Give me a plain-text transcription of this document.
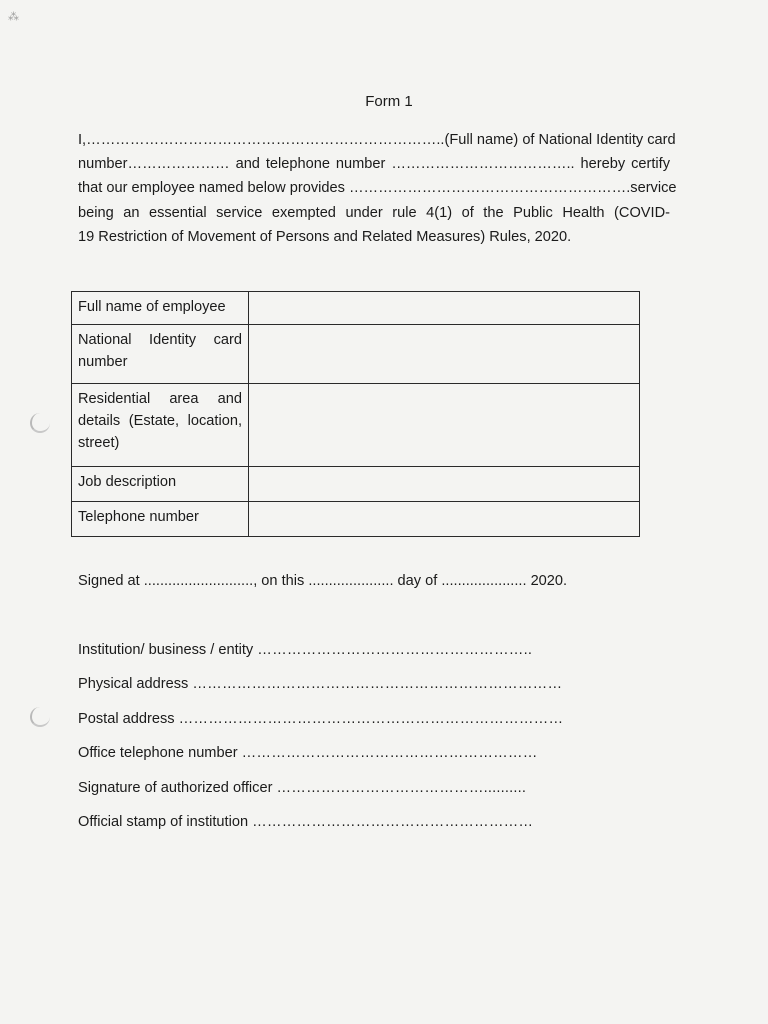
⁂
Form 1
I,………………………………………………………………..(Full name) of National Identity card
number………………… and telephone number ……………………………….. hereby certify
that our employee named below provides ………………………………………………….service
being an essential service exempted under rule 4(1) of the Public Health (COVID-
19 Restriction of Movement of Persons and Related Measures) Rules, 2020.
Full name of employee	
National Identity card number	
Residential area and details (Estate, location, street)	
Job description	
Telephone number	
Signed at ..........................., on this ..................... day of ..................... 2020.
Institution/ business / entity ………………………………………………..
Physical address …………………………………………………………………
Postal address ……………………………………………………………………
Office telephone number ……………………………………………………
Signature of authorized officer ……………………………………..........
Official stamp of institution …………………………………………………
